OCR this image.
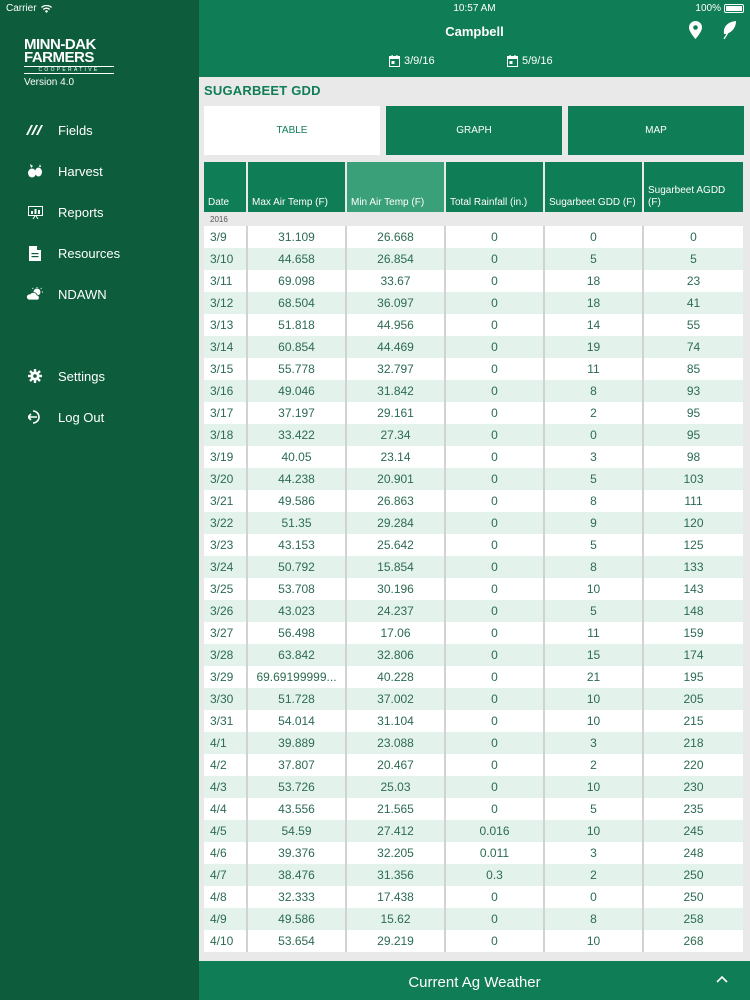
Carrier
MINN-DAK
FARMERS
COOPERATIVE
Version 4.0
Fields
Harvest
Reports
Resources
NDAWN
Settings
Log Out
10:57 AM	100%
Campbell
3/9/16	5/9/16
SUGARBEET GDD
TABLE	GRAPH	MAP
Date	Max Air Temp (F)	Min Air Temp (F)	Total Rainfall (in.)	Sugarbeet GDD (F)	Sugarbeet AGDD (F)
2016					
3/9	31.109	26.668	0	0	0
3/10	44.658	26.854	0	5	5
3/11	69.098	33.67	0	18	23
3/12	68.504	36.097	0	18	41
3/13	51.818	44.956	0	14	55
3/14	60.854	44.469	0	19	74
3/15	55.778	32.797	0	11	85
3/16	49.046	31.842	0	8	93
3/17	37.197	29.161	0	2	95
3/18	33.422	27.34	0	0	95
3/19	40.05	23.14	0	3	98
3/20	44.238	20.901	0	5	103
3/21	49.586	26.863	0	8	111
3/22	51.35	29.284	0	9	120
3/23	43.153	25.642	0	5	125
3/24	50.792	15.854	0	8	133
3/25	53.708	30.196	0	10	143
3/26	43.023	24.237	0	5	148
3/27	56.498	17.06	0	11	159
3/28	63.842	32.806	0	15	174
3/29	69.69199999...	40.228	0	21	195
3/30	51.728	37.002	0	10	205
3/31	54.014	31.104	0	10	215
4/1	39.889	23.088	0	3	218
4/2	37.807	20.467	0	2	220
4/3	53.726	25.03	0	10	230
4/4	43.556	21.565	0	5	235
4/5	54.59	27.412	0.016	10	245
4/6	39.376	32.205	0.011	3	248
4/7	38.476	31.356	0.3	2	250
4/8	32.333	17.438	0	0	250
4/9	49.586	15.62	0	8	258
4/10	53.654	29.219	0	10	268
Current Ag Weather
